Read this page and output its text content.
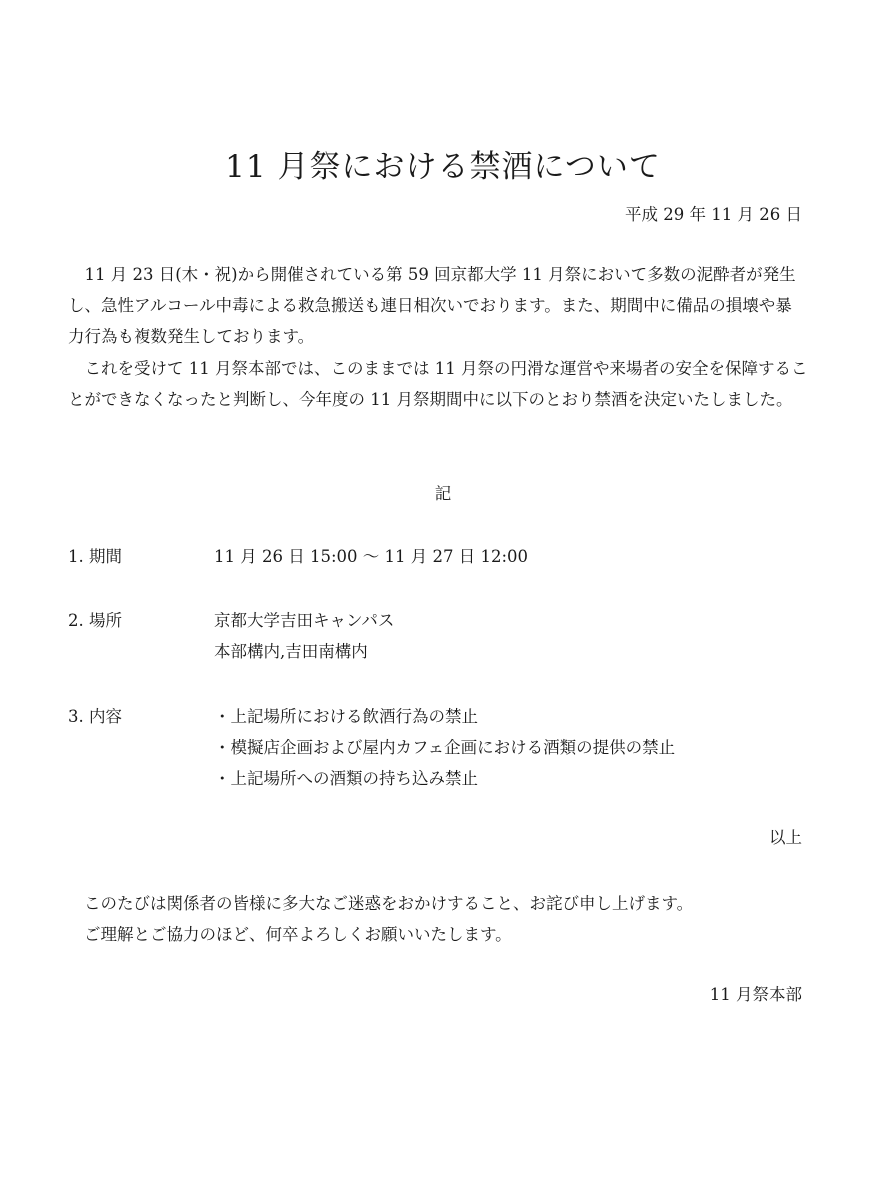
11 月祭における禁酒について
平成 29 年 11 月 26 日

11 月 23 日(木・祝)から開催されている第 59 回京都大学 11 月祭において多数の泥酔者が発生し、急性アルコール中毒による救急搬送も連日相次いでおります。また、期間中に備品の損壊や暴力行為も複数発生しております。

これを受けて 11 月祭本部では、このままでは 11 月祭の円滑な運営や来場者の安全を保障することができなくなったと判断し、今年度の 11 月祭期間中に以下のとおり禁酒を決定いたしました。

記
1. 期間	11 月 26 日 15:00 ～ 11 月 27 日 12:00
2. 場所	京都大学吉田キャンパス
本部構内,吉田南構内
3. 内容	・上記場所における飲酒行為の禁止
・模擬店企画および屋内カフェ企画における酒類の提供の禁止
・上記場所への酒類の持ち込み禁止
以上
このたびは関係者の皆様に多大なご迷惑をおかけすること、お詫び申し上げます。
ご理解とご協力のほど、何卒よろしくお願いいたします。
11 月祭本部
